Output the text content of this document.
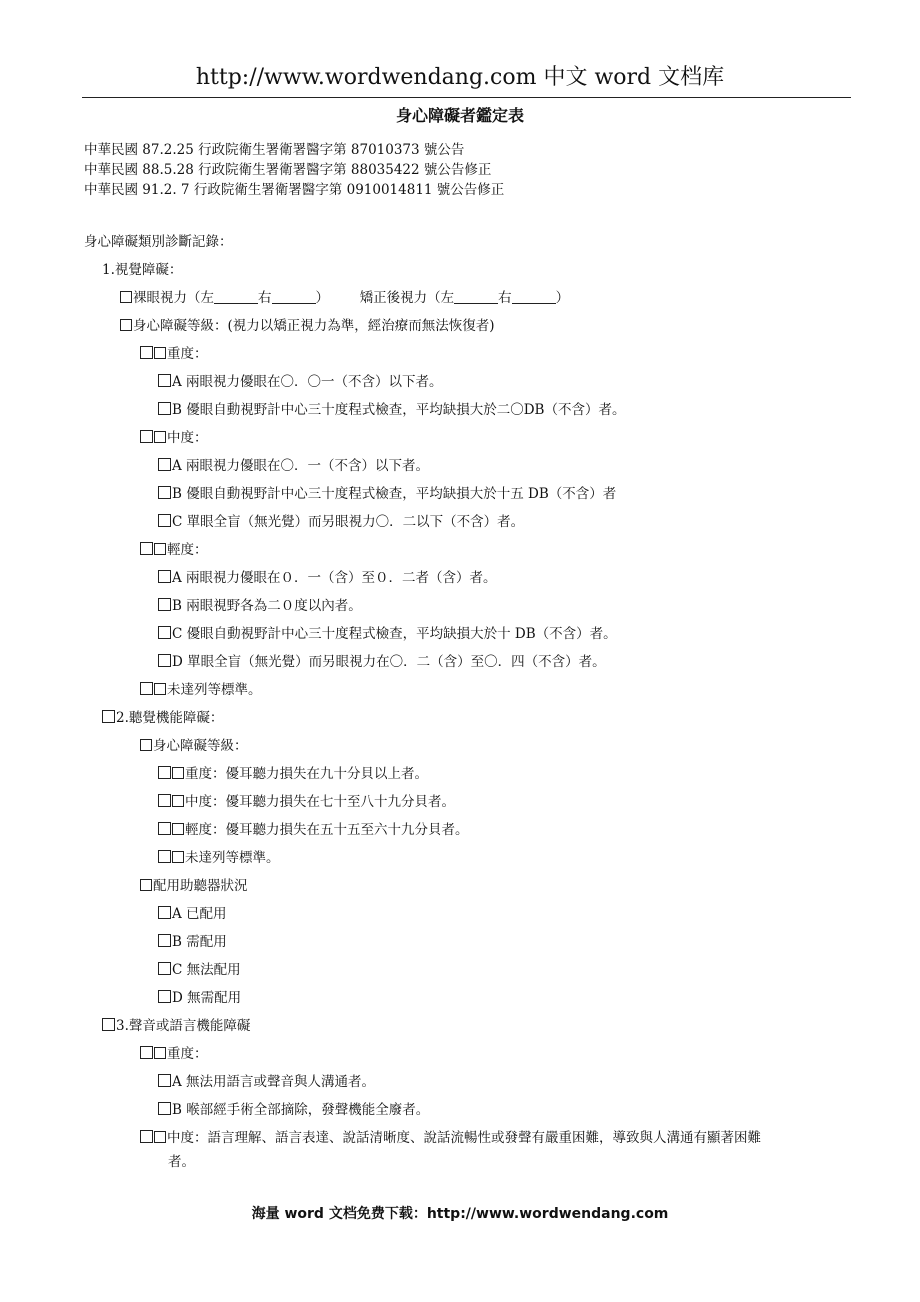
http://www.wordwendang.com 中文 word 文档库
身心障礙者鑑定表
中華民國 87.2.25 行政院衛生署衛署醫字第 87010373 號公告
中華民國 88.5.28 行政院衛生署衛署醫字第 88035422 號公告修正
中華民國 91.2. 7 行政院衛生署衛署醫字第 0910014811 號公告修正
身心障礙類別診斷記錄：
1.視覺障礙：
裸眼視力（左	右	） 矯正後視力（左	右	）
身心障礙等級：(視力以矯正視力為準，經治療而無法恢復者)
重度：
A 兩眼視力優眼在〇．〇一（不含）以下者。
B 優眼自動視野計中心三十度程式檢查，平均缺損大於二〇DB（不含）者。
中度：
A 兩眼視力優眼在〇．一（不含）以下者。
B 優眼自動視野計中心三十度程式檢查，平均缺損大於十五 DB（不含）者
C 單眼全盲（無光覺）而另眼視力〇．二以下（不含）者。
輕度：
A 兩眼視力優眼在０．一（含）至０．二者（含）者。
B 兩眼視野各為二０度以內者。
C 優眼自動視野計中心三十度程式檢查，平均缺損大於十 DB（不含）者。
D 單眼全盲（無光覺）而另眼視力在〇．二（含）至〇．四（不含）者。
未達列等標準。
2.聽覺機能障礙：
身心障礙等級：
重度：優耳聽力損失在九十分貝以上者。
中度：優耳聽力損失在七十至八十九分貝者。
輕度：優耳聽力損失在五十五至六十九分貝者。
未達列等標準。
配用助聽器狀況
A 已配用
B 需配用
C 無法配用
D 無需配用
3.聲音或語言機能障礙
重度：
A 無法用語言或聲音與人溝通者。
B 喉部經手術全部摘除，發聲機能全廢者。
中度：語言理解、語言表達、說話清晰度、說話流暢性或發聲有嚴重困難，導致與人溝通有顯著困難
者。
海量 word 文档免费下载：http://www.wordwendang.com
